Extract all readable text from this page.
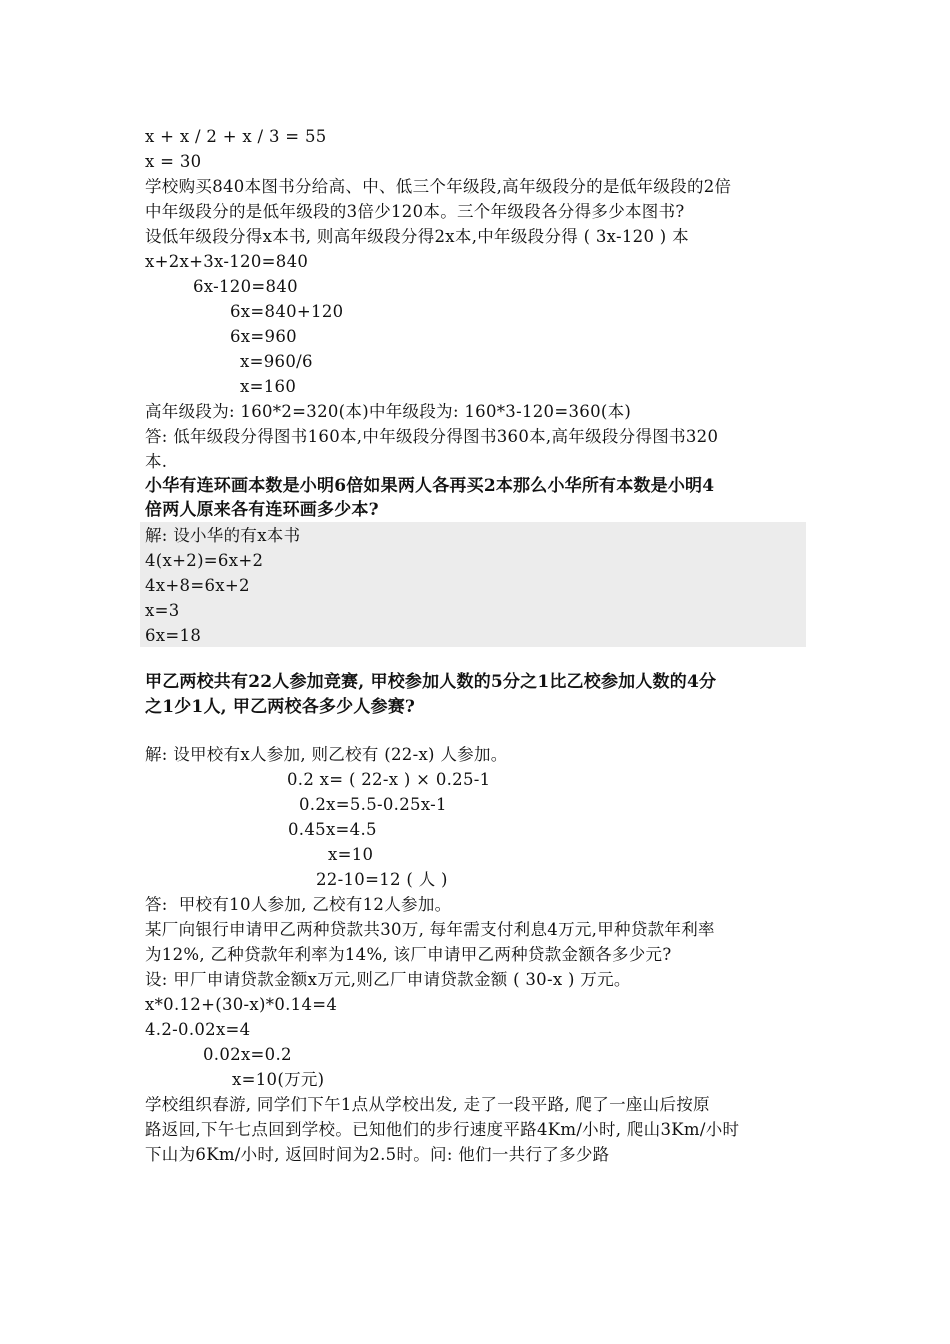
x + x / 2 + x / 3 = 55
x = 30
学校购买840本图书分给高、中、低三个年级段,高年级段分的是低年级段的2倍
中年级段分的是低年级段的3倍少120本。三个年级段各分得多少本图书?
设低年级段分得x本书, 则高年级段分得2x本,中年级段分得 ( 3x-120 ) 本
x+2x+3x-120=840
6x-120=840
6x=840+120
6x=960
x=960/6
x=160
高年级段为: 160*2=320(本)中年级段为: 160*3-120=360(本)
答: 低年级段分得图书160本,中年级段分得图书360本,高年级段分得图书320
本.
小华有连环画本数是小明6倍如果两人各再买2本那么小华所有本数是小明4
倍两人原来各有连环画多少本?
解: 设小华的有x本书
4(x+2)=6x+2
4x+8=6x+2
x=3
6x=18
甲乙两校共有22人参加竞赛, 甲校参加人数的5分之1比乙校参加人数的4分
之1少1人, 甲乙两校各多少人参赛?
解: 设甲校有x人参加, 则乙校有 (22-x) 人参加。
0.2 x= ( 22-x ) × 0.25-1
0.2x=5.5-0.25x-1
0.45x=4.5
x=10
22-10=12 ( 人 )
答:  甲校有10人参加, 乙校有12人参加。
某厂向银行申请甲乙两种贷款共30万, 每年需支付利息4万元,甲种贷款年利率
为12%, 乙种贷款年利率为14%, 该厂申请甲乙两种贷款金额各多少元?
设: 甲厂申请贷款金额x万元,则乙厂申请贷款金额 ( 30-x ) 万元。
x*0.12+(30-x)*0.14=4
4.2-0.02x=4
0.02x=0.2
x=10(万元)
学校组织春游, 同学们下午1点从学校出发, 走了一段平路, 爬了一座山后按原
路返回,下午七点回到学校。已知他们的步行速度平路4Km/小时, 爬山3Km/小时
下山为6Km/小时, 返回时间为2.5时。问: 他们一共行了多少路
